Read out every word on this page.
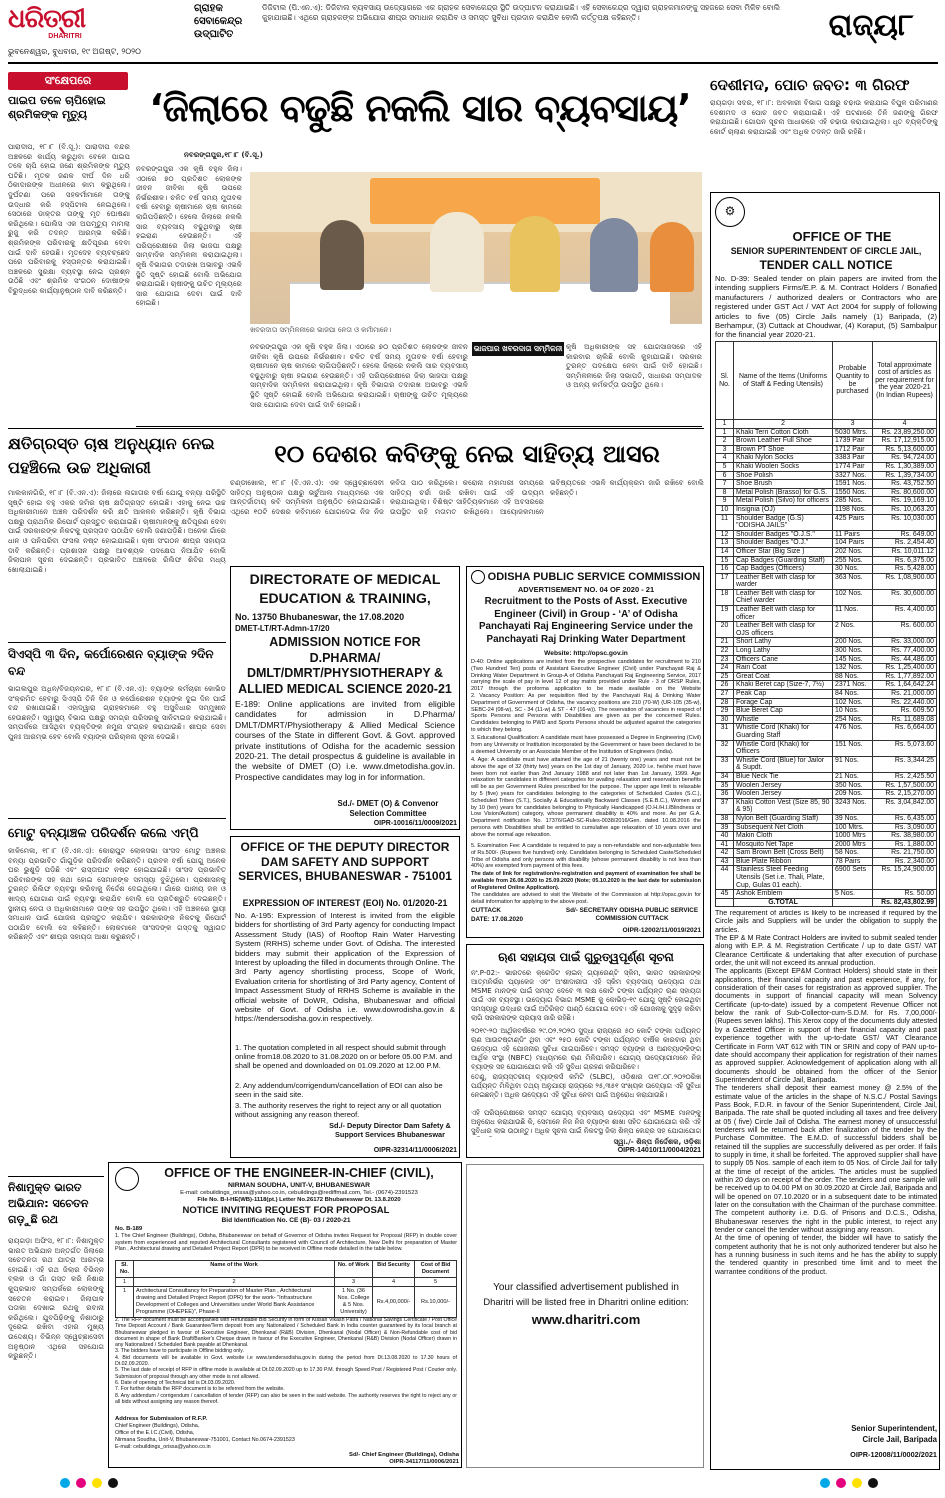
ଧରିତ୍ରୀ
DHARITRI
ଭୁବନେଶ୍ୱର, ବୁଧବାର, ୧୯ ଅଗଷ୍ଟ, ୨୦୨୦
ଗ୍ରାହକ ସେବାକେନ୍ଦ୍ର ଉଦ୍‌ଘାଟିତ
ଡିଜିଟାଲ (ପି.ଏନ.ଏ): ଡିଜିଟାଲ ବ୍ୟବସାୟ ଉଦ୍ୟୋଗରେ ଏକ ଗ୍ରାହକ ସେବାକେନ୍ଦ୍ର ସ୍ଥିତି ଉଦ୍‌ଘାଟନ କରାଯାଇଛି। ଏହି ସେବାକେନ୍ଦ୍ର ଦ୍ୱାରା ଗ୍ରାହକମାନଙ୍କୁ ସହଜରେ ସେବା ମିଳିବ ବୋଲି କୁହାଯାଇଛି। ଏଥିରେ ଗ୍ରାହକଙ୍କ ଅଭିଯୋଗ ଶୀଘ୍ର ସମାଧାନ କରାଯିବ ଓ ସମସ୍ତ ସୁବିଧା ପ୍ରଦାନ କରାଯିବ ବୋଲି କର୍ତ୍ତୃପକ୍ଷ କହିଛନ୍ତି।	ରାଜ୍ୟ ୮
ସଂକ୍ଷେପରେ
ପାଇପ ତଳେ ଚାପିହୋଇ ଶ୍ରମିକଙ୍କ ମୃତ୍ୟୁ
ପାରାଦୀପ, ୧୮।୮ (ବି.ସୂ.): ପାରାଦୀପ ବନ୍ଦର ଅଞ୍ଚଳରେ କାର୍ଯ୍ୟ କରୁଥିବା ବେଳେ ପାଇପ ତଳେ ଚାପି ହୋଇ ଜଣେ ଶ୍ରମିକଙ୍କ ମୃତ୍ୟୁ ଘଟିଛି। ମୃତକ ଜଣକ ଦୀର୍ଘ ଦିନ ଧରି ଠିକାଦାରଙ୍କ ଅଧୀନରେ କାମ କରୁଥିଲେ। ଦୁର୍ଘଟଣା ପରେ ସହକର୍ମୀମାନେ ତାଙ୍କୁ ଉଦ୍ଧାର କରି ହସ୍ପିଟାଲ ନେଇଥିଲେ। ସେଠାରେ ଡାକ୍ତର ତାଙ୍କୁ ମୃତ ଘୋଷଣା କରିଥିଲେ। ପୋଲିସ ଏକ ଅପମୃତ୍ୟୁ ମାମଲା ରୁଜୁ କରି ତଦନ୍ତ ଆରମ୍ଭ କରିଛି। ଶ୍ରମିକଙ୍କ ପରିବାରକୁ କ୍ଷତିପୂରଣ ଦେବା ପାଇଁ ଦାବି ହେଉଛି। ମୃତଦେହ ବ୍ୟବଚ୍ଛେଦ ପରେ ପରିବାରକୁ ହସ୍ତାନ୍ତର କରାଯାଇଛି। ଅଞ୍ଚଳରେ ସୁରକ୍ଷା ବ୍ୟବସ୍ଥା ନେଇ ପ୍ରଶ୍ନ ଉଠିଛି ଏବଂ ଶ୍ରମିକ ସଂଗଠନ ଦୋଷୀଙ୍କ ବିରୁଦ୍ଧରେ କାର୍ଯ୍ୟାନୁଷ୍ଠାନ ଦାବି କରିଛନ୍ତି।
‘ଜିଲାରେ ବଢୁଛି ନକଲି ସାର ବ୍ୟବସାୟ’
ନବରଙ୍ଗପୁର,୧୮।୮ (ବି.ସୂ.)
ନବରଙ୍ଗପୁର ଏକ କୃଷି ବହୁଳ ଜିଲା। ଏଠାରେ ୭୦ ପ୍ରତିଶତ ଲୋକଙ୍କ ଜୀବନ ଜୀବିକା କୃଷି ଉପରେ ନିର୍ଭରଶୀଳ। ଚଳିତ ବର୍ଷ ସମୟ ମୁତାବକ ବର୍ଷା ହେବାରୁ ଚାଷୀମାନେ ଚାଷ କାମରେ ଲାଗିପଡ଼ିଛନ୍ତି। ହେଲେ ଜିଲାରେ ନକଲି ସାର ବ୍ୟବସାୟ ବଢୁଥିବାରୁ ଚାଷୀ ହଇରାଣ ହେଉଛନ୍ତି। ଏହି ପରିପ୍ରେକ୍ଷୀରେ ଜିଲା ଭାଜପା ପକ୍ଷରୁ ସାମ୍ବାଦିକ ସମ୍ମିଳନୀ କରାଯାଇଥିଲା। କୃଷି ବିଭାଗର ତଦାରଖ ଅଭାବରୁ ଏଭଳି ସ୍ଥିତି ସୃଷ୍ଟି ହୋଇଛି ବୋଲି ଅଭିଯୋଗ କରାଯାଇଛି। ଚାଷୀଙ୍କୁ ଉଚିତ ମୂଲ୍ୟରେ ସାର ଯୋଗାଇ ଦେବା ପାଇଁ ଦାବି ହୋଇଛି।
ଖବରଦାତା ସମ୍ମିଳନୀରେ ଭାଜପା ନେତା ଓ କର୍ମୀମାନେ।
ନବରଙ୍ଗପୁର ଏକ କୃଷି ବହୁଳ ଜିଲା। ଏଠାରେ ୭୦ ପ୍ରତିଶତ ଲୋକଙ୍କ ଜୀବନ ଜୀବିକା କୃଷି ଉପରେ ନିର୍ଭରଶୀଳ। ଚଳିତ ବର୍ଷ ସମୟ ମୁତାବକ ବର୍ଷା ହେବାରୁ ଚାଷୀମାନେ ଚାଷ କାମରେ ଲାଗିପଡ଼ିଛନ୍ତି। ହେଲେ ଜିଲାରେ ନକଲି ସାର ବ୍ୟବସାୟ ବଢୁଥିବାରୁ ଚାଷୀ ହଇରାଣ ହେଉଛନ୍ତି। ଏହି ପରିପ୍ରେକ୍ଷୀରେ ଜିଲା ଭାଜପା ପକ୍ଷରୁ ସାମ୍ବାଦିକ ସମ୍ମିଳନୀ କରାଯାଇଥିଲା। କୃଷି ବିଭାଗର ତଦାରଖ ଅଭାବରୁ ଏଭଳି ସ୍ଥିତି ସୃଷ୍ଟି ହୋଇଛି ବୋଲି ଅଭିଯୋଗ କରାଯାଇଛି। ଚାଷୀଙ୍କୁ ଉଚିତ ମୂଲ୍ୟରେ ସାର ଯୋଗାଇ ଦେବା ପାଇଁ ଦାବି ହୋଇଛି।
ଭାଜପାର ଖବରଦାତା ସମ୍ମିଳନୀ କୃଷି ଅଧିକାରୀଙ୍କ ସହ ଯୋଗସାଜସରେ ଏହି କାରବାର ଚାଲିଛି ବୋଲି କୁହାଯାଇଛି। ସରକାର ତୁରନ୍ତ ପଦକ୍ଷେପ ନେବା ପାଇଁ ଦାବି ହୋଇଛି। ସମ୍ମିଳନୀରେ ଜିଲା ସଭାପତି, ସାଧାରଣ ସମ୍ପାଦକ ଓ ଅନ୍ୟ କର୍ମକର୍ତ୍ତା ଉପସ୍ଥିତ ଥିଲେ।
ଦେଶୀମଦ, ପୋଚ ଜବତ: ୩ ଗିରଫ
ରାୟଗଡ଼ା ସଦର, ୧୮।୮: ଅବକାରୀ ବିଭାଗ ପକ୍ଷରୁ ଚଢାଉ କରାଯାଇ ବିପୁଳ ପରିମାଣର ଦେଶୀମଦ ଓ ପୋଚ ଜବତ କରାଯାଇଛି। ଏହି ଘଟଣାରେ ତିନି ଜଣଙ୍କୁ ଗିରଫ କରାଯାଇଛି। ଗୋପନ ସୂଚନା ଆଧାରରେ ଏହି ଚଢାଉ କରାଯାଇଥିଲା। ଧୃତ ବ୍ୟକ୍ତିଙ୍କୁ କୋର୍ଟ ଚାଲାଣ କରାଯାଇଛି ଏବଂ ଅଧିକ ତଦନ୍ତ ଜାରି ରହିଛି।
କ୍ଷତିଗ୍ରସ୍ତ ଚାଷ ଅନୁଧ୍ୟାନ ନେଇ ପହଞ୍ଚିଲେ ଉଚ୍ଚ ଅଧିକାରୀ
ମାଲକାନଗିରି, ୧୮।୮ (ବି.ଏନ.ଏ): ଜିଲାରେ ଲଗାତାର ବର୍ଷା ଯୋଗୁ ବନ୍ୟା ପରିସ୍ଥିତି ସୃଷ୍ଟି ହୋଇ ବହୁ ଏକର ଜମିର ଚାଷ କ୍ଷତିଗ୍ରସ୍ତ ହୋଇଛି। ଏହାକୁ ନେଇ ଉଚ୍ଚ ଅଧିକାରୀମାନେ ଅଞ୍ଚଳ ପରିଦର୍ଶନ କରି କ୍ଷତି ଆକଳନ କରିଛନ୍ତି। କୃଷି ବିଭାଗ ପକ୍ଷରୁ ପ୍ରାଥମିକ ରିପୋର୍ଟ ପ୍ରସ୍ତୁତ କରାଯାଇଛି। ଚାଷୀମାନଙ୍କୁ କ୍ଷତିପୂରଣ ଦେବା ପାଇଁ ସରକାରଙ୍କ ନିକଟକୁ ପ୍ରସ୍ତାବ ପଠାଯିବ ବୋଲି ଜଣାପଡ଼ିଛି। ଅନେକ ଗାଁରେ ଧାନ ଓ ପନିପରିବା ଫସଲ ନଷ୍ଟ ହୋଇଯାଇଛି। ଚାଷୀ ସଂଗଠନ ଶୀଘ୍ର ସହାୟତା ଦାବି କରିଛନ୍ତି। ପ୍ରଶାସନ ପକ୍ଷରୁ ଆବଶ୍ୟକ ପଦକ୍ଷେପ ନିଆଯିବ ବୋଲି ଜିଲାପାଳ ସୂଚନା ଦେଇଛନ୍ତି। ପ୍ରଭାବିତ ଅଞ୍ଚଳରେ ରିଲିଫ ଶିବିର ମଧ୍ୟ ଖୋଲାଯାଇଛି।
୧୦ ଦେଶର କବିଙ୍କୁ ନେଇ ସାହିତ୍ୟ ଆସର
ଚଣ୍ଡୀଖୋଲ, ୧୮।୮ (ବି.ଏନ.ଏ): ଏକ ସ୍ୱେଚ୍ଛାସେବୀ ସାହିତ୍ୟ ଅନୁଷ୍ଠାନ ପକ୍ଷରୁ ଭର୍ଚୁଆଲ ମାଧ୍ୟମରେ ଏକ ଆନ୍ତର୍ଜାତୀୟ କବି ସମ୍ମିଳନୀ ଅନୁଷ୍ଠିତ ହୋଇଯାଇଛି। ଏଥିରେ ୧୦ଟି ଦେଶର କବିମାନେ ଯୋଗଦେଇ ନିଜ ନିଜ କବିତା ପାଠ କରିଥିଲେ। କରୋନା ମହାମାରୀ ସମୟରେ ସାହିତ୍ୟ ଚର୍ଚ୍ଚା ଜାରି ରଖିବା ପାଇଁ ଏହି ଉଦ୍ୟମ କରାଯାଇଥିଲା। ବିଶିଷ୍ଟ ସାହିତ୍ୟିକମାନେ ଏହି ଅବସରରେ ଉପସ୍ଥିତ ରହି ମତାମତ ରଖିଥିଲେ। ଆୟୋଜକମାନେ ଭବିଷ୍ୟତରେ ଏଭଳି କାର୍ଯ୍ୟକ୍ରମ ଜାରି ରଖିବେ ବୋଲି କହିଛନ୍ତି।
ସିଏସ୍‌ପି ୩ ଦିନ, କର୍ପୋରେଶନ ବ୍ୟାଙ୍କ ୨ଦିନ ବନ୍ଦ
ଭାଗଲପୁର ଅଧିନ/ବିଜୟନଗର, ୧୮।୮ (ବି.ଏନ.ଏ): ବ୍ୟାଙ୍କ କର୍ମଚାରୀ କୋଭିଡ ସଂକ୍ରମିତ ହେବାରୁ ସିଏସ୍‌ପି ତିନି ଦିନ ଓ କର୍ପୋରେଶନ ବ୍ୟାଙ୍କ ଦୁଇ ଦିନ ପାଇଁ ବନ୍ଦ ରଖାଯାଇଛି। ଏହାଦ୍ୱାରା ଗ୍ରାହକମାନେ ବହୁ ଅସୁବିଧାର ସମ୍ମୁଖୀନ ହେଉଛନ୍ତି। ସ୍ୱାସ୍ଥ୍ୟ ବିଭାଗ ପକ୍ଷରୁ ସମଗ୍ର ପରିସରକୁ ସାନିଟାଇଜ କରାଯାଇଛି। ସମ୍ପର୍କରେ ଆସିଥିବା ବ୍ୟକ୍ତିଙ୍କ ନମୁନା ସଂଗ୍ରହ କରାଯାଉଛି। ଶୀଘ୍ର ସେବା ପୁନଃ ଆରମ୍ଭ ହେବ ବୋଲି ବ୍ୟାଙ୍କ ପରିଚାଳନା ସୂଚନା ଦେଇଛି।
ମୋଟୁ ବନ୍ୟାଞ୍ଚଳ ପରିଦର୍ଶନ କଲେ ଏମ୍‌ପି
କାଳିମେଳା, ୧୮।୮ (ବି.ଏନ.ଏ): କୋରାପୁଟ ଲୋକସଭା ସାଂସଦ ମୋଟୁ ଅଞ୍ଚଳର ବନ୍ୟା ପ୍ରଭାବିତ ଗାଁଗୁଡ଼ିକ ପରିଦର୍ଶନ କରିଛନ୍ତି। ପ୍ରବଳ ବର୍ଷା ଯୋଗୁ ଅନେକ ଘର ଭୁଶୁଡ଼ି ପଡ଼ିଛି ଏବଂ ରାସ୍ତାଘାଟ ନଷ୍ଟ ହୋଇଯାଇଛି। ସାଂସଦ ପ୍ରଭାବିତ ପରିବାରଙ୍କ ସହ କଥା ହୋଇ ସେମାନଙ୍କ ସମସ୍ୟା ବୁଝିଥିଲେ। ପ୍ରଶାସନକୁ ତୁରନ୍ତ ରିଲିଫ ବ୍ୟବସ୍ଥା କରିବାକୁ ନିର୍ଦ୍ଦେଶ ଦେଇଥିଲେ। ଗାଁରେ ପାନୀୟ ଜଳ ଓ ଖାଦ୍ୟ ଯୋଗାଣ ପାଇଁ ବ୍ୟବସ୍ଥା କରାଯିବ ବୋଲି ସେ ପ୍ରତିଶ୍ରୁତି ଦେଇଛନ୍ତି। ସ୍ଥାନୀୟ ନେତା ଓ ଅଧିକାରୀମାନେ ତାଙ୍କ ସହ ଉପସ୍ଥିତ ଥିଲେ। ଏହି ଅଞ୍ଚଳରେ ସ୍ଥାୟୀ ସମାଧାନ ପାଇଁ ଯୋଜନା ପ୍ରସ୍ତୁତ କରାଯିବ। ସରକାରଙ୍କ ନିକଟକୁ ରିପୋର୍ଟ ପଠାଯିବ ବୋଲି ସେ କହିଛନ୍ତି। ଲୋକମାନେ ସାଂସଦଙ୍କ ଗସ୍ତକୁ ସ୍ୱାଗତ କରିଛନ୍ତି ଏବଂ ଶୀଘ୍ର ସହାୟତା ଆଶା କରୁଛନ୍ତି।
ନିଶାମୁକ୍ତ ଭାରତ ଅଭିଯାନ: ସଚେତନ ଗଡ଼ୁଛି ରଥ
ରାୟଗଡ଼ା ଅଫିସ, ୧୮।୮: ନିଶାମୁକ୍ତ ଭାରତ ଅଭିଯାନ ଅନ୍ତର୍ଗତ ଜିଲାରେ ସଚେତନତା ରଥ ଯାତ୍ରା ଆରମ୍ଭ ହୋଇଛି। ଏହି ରଥ ଜିଲାର ବିଭିନ୍ନ ବ୍ଲକ ଓ ଗାଁ ଗସ୍ତ କରି ନିଶାର କୁପ୍ରଭାବ ସମ୍ପର୍କରେ ଲୋକଙ୍କୁ ସଚେତନ କରାଇବ। ଜିଲାପାଳ ପତାକା ଦେଖାଇ ରଥକୁ ରବାନା କରିଥିଲେ। ଯୁବପିଢ଼ିଙ୍କୁ ନିଶାଠାରୁ ଦୂରେଇ ରଖିବା ଏହାର ମୁଖ୍ୟ ଉଦ୍ଦେଶ୍ୟ। ବିଭିନ୍ନ ସ୍ୱେଚ୍ଛାସେବୀ ଅନୁଷ୍ଠାନ ଏଥିରେ ସହଯୋଗ କରୁଛନ୍ତି।
DIRECTORATE OF MEDICAL EDUCATION & TRAINING,
No. 13750 Bhubaneswar, the 17.08.2020
DMET-LT/RT-Admn-17/20
ADMISSION NOTICE FOR D.PHARMA/ DMLT/DMRT/PHYSIOTHERAPY & ALLIED MEDICAL SCIENCE 2020-21
E-189: Online applications are invited from eligible candidates for admission in D.Pharma/ DMLT/DMRT/Physiotherapy & Allied Medical Science courses of the State in different Govt. & Govt. approved private institutions of Odisha for the academic session 2020-21. The detail prospectus & guideline is available in the website of DMET (O) i.e. www.dmetodisha.gov.in. Prospective candidates may log in for information.
Sd./- DMET (O) & Convenor Selection Committee
OIPR-10016/11/0009/2021
OFFICE OF THE DEPUTY DIRECTOR DAM SAFETY AND SUPPORT SERVICES, BHUBANESWAR - 751001
EXPRESSION OF INTEREST (EOI) No. 01/2020-21
No. A-195: Expression of Interest is invited from the eligible bidders for shortlisting of 3rd Party agency for conducting Impact Assessment Study (IAS) of Rooftop Rain Water Harvesting System (RRHS) scheme under Govt. of Odisha. The interested bidders may submit their application of the Expression of Interest by uploading the filled in documents through Online. The 3rd Party agency shortlisting process, Scope of Work, Evaluation criteria for shortlisting of 3rd Party agency, Content of Impact Assessment Study of RRHS Scheme is available in the official website of DoWR, Odisha, Bhubaneswar and official website of Govt. of Odisha i.e. www.dowrodisha.gov.in & https://tendersodisha.gov.in respectively.
1. The quotation completed in all respect should submit through online from18.08.2020 to 31.08.2020 on or before 05.00 P.M. and shall be opened and downloaded on 01.09.2020 at 12.00 P.M.
2. Any addendum/corrigendum/cancellation of EOI can also be seen in the said site.
3. The authority reserves the right to reject any or all quotation without assigning any reason thereof.
Sd./- Deputy Director Dam Safety & Support Services Bhubaneswar
OIPR-32314/11/0006/2021
ODISHA PUBLIC SERVICE COMMISSION
ADVERTISEMENT NO. 04 OF 2020 - 21
Recruitment to the Posts of Asst. Executive Engineer (Civil) in Group - ‘A’ of Odisha Panchayati Raj Engineering Service under the Panchayati Raj Drinking Water Department
Website: http://opsc.gov.in
D-40: Online applications are invited from the prospective candidates for recruitment to 210 (Two Hundred Ten) posts of Assistant Executive Engineer (Civil) under Panchayati Raj & Drinking Water Department in Group-A of Odisha Panchayati Raj Engineering Service, 2017 carrying the scale of pay in level 12 of pay matrix provided under Rule - 3 of ORSP Rules, 2017 through the proforma application to be made available on the Website
2. Vacancy Position: As per requisition filed by the Panchayati Raj & Drinking Water Department of Government of Odisha, the vacancy positions are 210 (70-W) (UR-105 (35-w), SEBC-24 (08-w), SC - 34 (11-w) & ST - 47 (16-w)). The reservation of vacancies in respect of Sports Persons and Persons with Disabilities are given as per the concerned Rules. Candidates belonging to PWD and Sports Persons should be adjusted against the categories to which they belong.
3. Educational Qualification: A candidate must have possessed a Degree in Engineering (Civil) from any University or Institution incorporated by the Government or have been declared to be a deemed University or an Associate Member of the Institution of Engineers (India).
4. Age: A candidate must have attained the age of 21 (twenty one) years and must not be above the age of 32 (thirty two) years on the 1st day of January, 2020 i.e. he/she must have been born not earlier than 2nd January 1988 and not later than 1st January, 1999. Age relaxation for candidates in different categories for availing relaxation and reservation benefits will be as per Government Rules prescribed for the purpose. The upper age limit is relaxable by 5 (five) years for candidates belonging to the categories of Scheduled Castes (S.C.), Scheduled Tribes (S.T.), Socially & Educationally Backward Classes (S.E.B.C.), Women and by 10 (ten) years for candidates belonging to Physically Handicapped (O.H./H.I./Blindness or Low Vision/Autism) category, whose permanent disability is 40% and more. As per G.A. Department notification No. 17376/GAD-SC-Rules-0038/2016/Gen. dated 10.08.2016 the persons with Disabilities shall be entitled to cumulative age relaxation of 10 years over and above the normal age relaxation.
5. Examination Fee: A candidate is required to pay a non-refundable and non-adjustable fees of Rs.500/- (Rupees five hundred) only. Candidates belonging to Scheduled Caste/Scheduled Tribe of Odisha and only persons with disability (whose permanent disability is not less than 40%) are exempted from payment of this fees.
The date of link for registration/re-registration and payment of examination fee shall be available from 26.08.2020 to 25.09.2020 (Note; 05.10.2020 is the last date for submission of Registered Online Application).
The candidates are advised to visit the Website of the Commission at http://opsc.gov.in for detail information for applying to the above post.
CUTTACK
DATE: 17.08.2020
Sd/- SECRETARY ODISHA PUBLIC SERVICE COMMISSION CUTTACK
OIPR-12002/11/0019/2021
ଋଣ ସହାୟତା ପାଇଁ ଗୁରୁତ୍ୱପୂର୍ଣ୍ଣ ସୂଚନା
ନଂ.P-02:- ଭାରତରେ କ୍ରେଡିଟ ଲାଇନ୍ ଗ୍ୟାରେଣ୍ଟି ସ୍କିମ, ଭାରତ ସରକାରଙ୍କ ଆତ୍ମନିର୍ଭର ପ୍ୟାକେଜ ଏବଂ ଅଂଶୀଦାରୀତା ଏହି ସ୍କିମ ବ୍ୟବସାୟ ଉଦ୍ୟୋଗ ତଥା MSME ମାନଙ୍କ ପାଇଁ ସମସ୍ତ ଦେବେ ୩ ଲକ୍ଷ କୋଟି ଟଙ୍କା ପର୍ଯ୍ୟନ୍ତ ଋଣ ସହାୟତା ପାଇଁ ଏକ ବ୍ୟବସ୍ଥା। ଉଦ୍ୟୋଗ ବିଭାଗ MSME କୁ କୋଭିଡ଼-୧୯ ଯୋଗୁ ସୃଷ୍ଟି ହୋଇଥିବା ସମସ୍ୟାରୁ ଉଦ୍ଧାର ପାଇଁ ଅତିରିକ୍ତ ପାଣ୍ଠି ଯୋଗାଇ ଦେବ। ଏହି ଯୋଜନାକୁ ସୁଦୃଢ଼ କରିବା ଲାଗି ସରକାରଙ୍କ ପ୍ରୟାସ ଜାରି ରହିଛି।
୨୦୧୯-୨୦ ଆର୍ଥିକବର୍ଷରେ ୨୯.୦୨.୨୦୨୦ ସୁଦ୍ଧା ରାଜ୍ୟରେ ୫୦ କୋଟି ଟଙ୍କା ପର୍ଯ୍ୟନ୍ତ ଋଣ ଆଉଟଷ୍ଟାଣ୍ଡିଂ ଥିବା ଏବଂ ୨୫୦ କୋଟି ଟଙ୍କା ପର୍ଯ୍ୟନ୍ତ ବାର୍ଷିକ କାରବାର ଥିବା ଉଦ୍ୟୋଗ ଏହି ଯୋଜନାର ସୁବିଧା ପାଇପାରିବେ। ସମସ୍ତ ବ୍ୟାଙ୍କ ଓ ଅଣବ୍ୟାଙ୍କିଙ୍ଗ ଆର୍ଥିକ ସଂସ୍ଥା (NBFC) ମାଧ୍ୟମରେ ଋଣ ମିଳିପାରିବ। ଯୋଗ୍ୟ ଉଦ୍ୟୋଗୀମାନେ ନିଜ ବ୍ୟାଙ୍କ ସହ ଯୋଗାଯୋଗ କରି ଏହି ସୁବିଧା ଗ୍ରହଣ କରିପାରିବେ।
ତେଣୁ, ରାଜ୍ୟସ୍ତରୀୟ ବ୍ୟାଙ୍କର୍ସ କମିଟି (SLBC), ଓଡ଼ିଶାର ତା୧୮.୦୮.୨୦୨୦ରିଖ ପର୍ଯ୍ୟନ୍ତ ମିଳିଥିବା ତଥ୍ୟ ଅନୁଯାୟୀ ରାଜ୍ୟରେ ୨୫,୩୫୧ ସଂଖ୍ୟକ ଉଦ୍ୟୋଗ ଏହି ସୁବିଧା ନେଇଛନ୍ତି। ଅଧିକ ଉଦ୍ୟୋଗ ଏହି ସୁବିଧା ନେବା ପାଇଁ ଅନୁରୋଧ କରାଯାଉଛି।
ଏହି ପରିପ୍ରେକ୍ଷୀରେ ସମସ୍ତ ଯୋଗ୍ୟ ବ୍ୟବସାୟ ଉଦ୍ୟୋଗ ଏବଂ MSME ମାନଙ୍କୁ ଅନୁରୋଧ କରାଯାଉଛି କି, ସେମାନେ ନିଜ ନିଜ ବ୍ୟାଙ୍କ ଶାଖା ସହିତ ଯୋଗାଯୋଗ କରି ଏହି ସୁବିଧାର ଲାଭ ଉଠାନ୍ତୁ। ଅଧିକ ସୂଚନା ପାଇଁ ନିକଟସ୍ଥ ଜିଲା ଶିଳ୍ପ କେନ୍ଦ୍ର ସହ ଯୋଗାଯୋଗ
ସ୍ୱା./- ଶିଳ୍ପ ନିର୍ଦ୍ଦେଶକ, ଓଡ଼ିଶା
OIPR-14010/11/0004/2021
OFFICE OF THE ENGINEER-IN-CHIEF (CIVIL),
NIRMAN SOUDHA, UNIT-V, BHUBANESWAR
E-mail: cebuildings_orissa@yahoo.co.in, cebuildings@rediffmail.com, Tel.- (0674)-2391523
File No. B-I-HE(WB)-1118(pt.) Letter No.26172 Bhubaneswar Dt. 13.8.2020
NOTICE INVITING REQUEST FOR PROPOSAL
Bid Identification No. CE (B)- 03 / 2020-21
No. B-189
1. The Chief Engineer (Buildings), Odisha, Bhubaneswar on behalf of Governor of Odisha invites Request for Proposal (RFP) in double cover system from experienced and reputed Architectural Consultants registered with Council of Architecture, New Delhi for preparation of Master Plan , Architectural drawing and Detailed Project Report (DPR) to be received in Offline mode detailed in the table below.
Sl. No.	Name of the Work	No. of Work	Bid Security	Cost of Bid Document
1	2	3	4	5
1	Architectural Consultancy for Preparation of Master Plan , Architectural drawing and Detailed Project Report (DPR) for the work- "Infrastructure Development of Colleges and Universities under World Bank Assistance Programme (OHEPEE)", Phase-II	1 No. (36 Nos. College & 5 Nos. University)	Rs.4,00,000/-	Rs.10,000/-
2. The RFP document must be accompanied with Refundable Bid Security in form of Kissan Vikash Patra / National Savings Certificate / Post Office Time Deposit Account / Bank Guarantee/Term deposit from any Nationalized / Scheduled Bank in India counter guaranteed by its local branch at Bhubaneswar pledged in favour of Executive Engineer, Dhenkanal (R&B) Division, Dhenkanal (Nodal Officer) & Non-Refundable cost of bid document in shape of Bank Draft/Banker's Cheque drawn in favour of the Executive Engineer, Dhenkanal (R&B) Division (Nodal Officer) drawn in any Nationalized / Scheduled Bank payable at Dhenkanal.
3. The bidders have to participate in Offline bidding only.
4. Bid documents will be available in Govt. website i.e www.tendersodisha.gov.in during the period from Dt.13.08.2020 to 17.30 hours of Dt.02.09.2020.
5. The last date of receipt of RFP in offline mode is available at Dt.02.09.2020 up to 17.30 P.M. through Speed Post / Registered Post / Courier only. Submission of proposal through any other mode is not allowed.
6. Date of opening of Technical bid is Dt.03.09.2020.
7. For further details the RFP document is to be referred from the website.
8. Any addendum / corrigendum / cancellation of tender (RFP) can also be seen in the said website. The authority reserves the right to reject any or all bids without assigning any reason thereof.
Address for Submission of R.F.P.
Chief Engineer (Buildings), Odisha,
Office of the E.I.C.(Civil), Odisha,
Nirmana Soudha, Unit-V, Bhubaneswar-751001, Contact No.0674-2391523
E-mail: cebuildings_orissa@yahoo.co.in
Sd/- Chief Engineer (Buildings), Odisha
OIPR-34117/11/0006/2021
Your classified advertisement published in
Dharitri will be listed free in Dharitri online edition:
www.dharitri.com
⚙
OFFICE OF THE
SENIOR SUPERINTENDENT OF CIRCLE JAIL,
TENDER CALL NOTICE
No. D-39: Sealed tender on plain papers are invited from the intending suppliers Firms/E.P. & M. Contract Holders / Bonafied manufacturers / authorized dealers or Contractors who are registered under GST Act / VAT Act 2004 for supply of following articles to five (05) Circle Jails namely (1) Baripada, (2) Berhampur, (3) Cuttack at Choudwar, (4) Koraput, (5) Sambalpur for the financial year 2020-21.
Sl. No.	Name of the Items (Uniforms of Staff & Feding Utensils)	Probable Quantity to be purchased	Total approximate cost of articles as per requirement for the year 2020-21 (In Indian Rupees)
1	2	3	4
1	Khaki Terri Cotton Cloth	5030 Mtrs.	Rs. 23,89,250.00
2	Brown Leather Full Shoe	1739 Pair	Rs. 17,12,915.00
3	Brown PT Shoe	1712 Pair	Rs. 5,13,600.00
4	Khaki Nylon Socks	3383 Pair	Rs. 94,724.00
5	Khaki Woolen Socks	1774 Pair	Rs. 1,30,389.00
6	Shoe Polish	3327 Nos.	Rs. 1,39,734.00
7	Shoe Brush	1591 Nos.	Rs. 43,752.50
8	Metal Polish (Brasso) for G.S.	1550 Nos.	Rs. 80,600.00
9	Metal Polish (Silvo) for officers	285 Nos.	Rs. 19,169.10
10	Insignia (OJ)	1198 Nos.	Rs. 10,063.20
11	Shoulder Badge (G.S) "ODISHA JAILS"	425 Pairs	Rs. 10,030.00
12	Shoulder Badges "O.J.S."	11 Pairs	Rs. 649.00
13	Shoulder Badges "O.J."	104 Pairs	Rs. 2,454.40
14	Officer Star (Big Size )	202 Nos.	Rs. 10,011.12
15	Cap Badges (Guarding Staff)	255 Nos.	Rs. 6,375.00
16	Cap Badges (Officers)	30 Nos.	Rs. 5,428.00
17	Leather Belt with clasp for warder	363 Nos.	Rs. 1,08,900.00
18	Leather Belt with clasp for Chief warder	102 Nos.	Rs. 30,600.00
19	Leather Belt with clasp for officer	11 Nos.	Rs. 4,400.00
20	Leather Belt with clasp for OJS officers	2 Nos.	Rs. 600.00
21	Short Lathy	200 Nos.	Rs. 33,000.00
22	Long Lathy	300 Nos.	Rs. 77,400.00
23	Officers Cane	145 Nos.	Rs. 44,486.00
24	Rain Coat	132 Nos.	Rs. 1,25,400.00
25	Great Coat	88 Nos.	Rs. 1,77,892.00
26	Khaki Beret cap (Size-7, 7½)	2371 Nos.	Rs. 1,64,642.24
27	Peak Cap	84 Nos.	Rs. 21,000.00
28	Forage Cap	102 Nos.	Rs. 22,440.00
29	Blue Beret Cap	10 Nos.	Rs. 609.50
30	Whistle	254 Nos.	Rs. 11,689.08
31	Whistle Cord (Khaki) for Guarding Staff	476 Nos.	Rs. 6,664.00
32	Whistle Cord (Khaki) for Officers	151 Nos.	Rs. 5,073.60
33	Whistle Cord (Blue) for Jailor & Supdt.	91 Nos.	Rs. 3,344.25
34	Blue Neck Tie	21 Nos.	Rs. 2,425.50
35	Woolen Jersey	350 Nos.	Rs. 1,57,500.00
36	Woolen Jersey	209 Nos.	Rs. 2,15,270.00
37	Khaki Cotton Vest (Size 85, 90 & 95)	3243 Nos.	Rs. 3,04,842.00
38	Nylon Belt (Guarding Staff)	39 Nos.	Rs. 6,435.00
39	Subsequent Net Cloth	100 Mtrs.	Rs. 3,090.00
40	Makin Cloth	1000 Mtrs	Rs. 38,980.00
41	Mosquito Net Tape	2000 Mtrs	Rs. 1,880.00
42	Sam Brown Belt (Cross Belt)	58 Nos.	Rs. 21,750.00
43	Blue Plate Ribbon	78 Pairs	Rs. 2,340.00
44	Stainless Steel Feeding Utensils (Set i.e. Thali, Plate, Cup, Gulas 01 each).	6900 Sets	Rs. 15,24,900.00
45	Ashok Emblem	5 Nos.	Rs. 50.00
	G.TOTAL		Rs. 82,43,802.99
The requirement of articles is likely to be increased if required by the Circle jails and Suppliers will be under the obligation to supply the articles.
The EP & M Rate Contract Holders are invited to submit sealed tender along with E.P. & M. Registration Certificate / up to date GST/ VAT Clearance Certificate & undertaking that after execution of purchase order, the unit will not exceed its annual production.
The applicants (Except EP&M Contract Holders) should state in their applications, their financial capacity and past experience, if any, for consideration of their cases for registration as approved supplier. The documents in support of financial capacity will mean Solvency Certificate (up-to-date) issued by a competent Revenue Officer not below the rank of Sub-Collector-cum-S.D.M. for Rs. 7,00,000/- (Rupees seven lakhs). This Xerox copy of the documents duly attested by a Gazetted Officer in support of their financial capacity and past experience together with the up-to-date GST/ VAT Clearance Certificate in Form VAT 612 with TIN or SRIN and copy of PAN up-to-date should accompany their application for registration of their names as approved supplier. Acknowledgement of application along with all documents should be obtained from the officer of the Senior Superintendent of Circle Jail, Baripada.
The tenderers shall deposit their earnest money @ 2.5% of the estimate value of the articles in the shape of N.S.C./ Postal Savings Pass Book, F.D.R. in favour of the Senior Superintendent, Circle Jail, Baripada. The rate shall be quoted including all taxes and free delivery at 05 ( five) Circle Jail of Odisha. The earnest money of unsuccessful tenderers will be returned back after finalization of the tender by the Purchase Committee. The E.M.D. of successful bidders shall be retained till the supplies are successfully delivered as per order. If fails to supply in time, it shall be forfeited. The approved supplier shall have to supply 05 Nos. sample of each item to 05 Nos. of Circle Jail for tally at the time of receipt of the articles. The articles must be supplied within 20 days on receipt of the order. The tenders and one sample will be received up to 04.00 PM on 30.09.2020 at Circle Jail, Baripada and will be opened on 07.10.2020 or in a subsequent date to be intimated later on the consultation with the Chairman of the purchase committee. The competent authority i.e. D.G. of Prisons and D.C.S., Odisha, Bhubaneswar reserves the right in the public interest, to reject any tender or cancel the tender without assigning any reason.
At the time of opening of tender, the bidder will have to satisfy the competent authority that he is not only authorized tenderer but also he has a running business in such items and he has the ability to supply the tendered quantity in prescribed time limit and to meet the warrantee conditions of the product.
Senior Superintendent,
Circle Jail, Baripada
OIPR-12008/11/0002/2021
